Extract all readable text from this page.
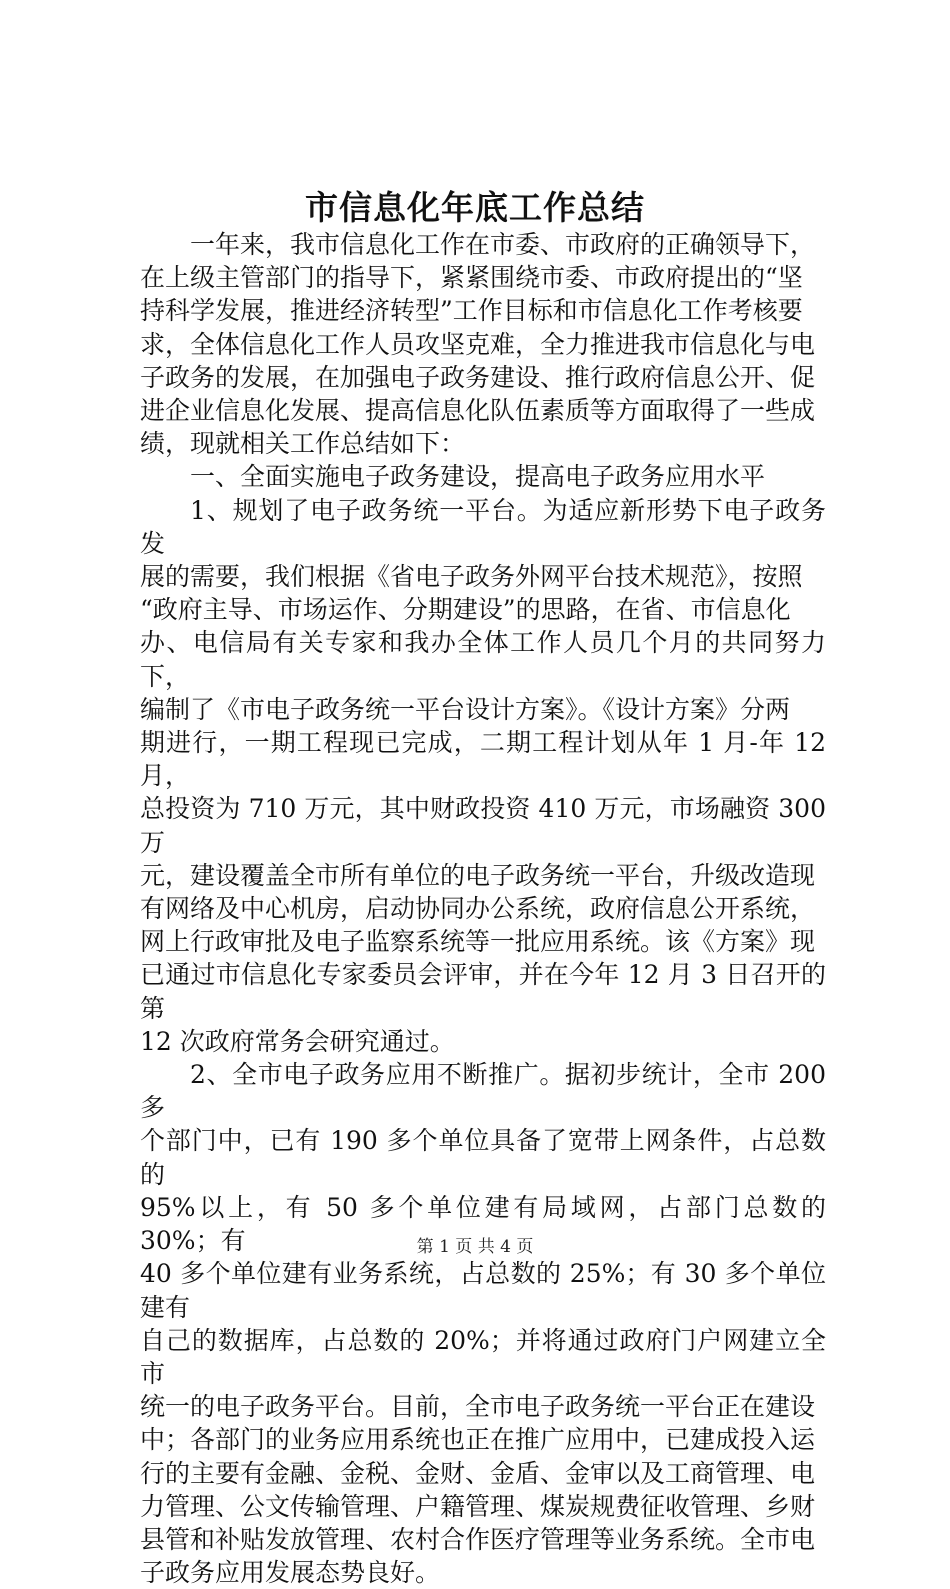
市信息化年底工作总结

一年来，我市信息化工作在市委、市政府的正确领导下，
在上级主管部门的指导下，紧紧围绕市委、市政府提出的“坚
持科学发展，推进经济转型”工作目标和市信息化工作考核要
求，全体信息化工作人员攻坚克难，全力推进我市信息化与电
子政务的发展，在加强电子政务建设、推行政府信息公开、促
进企业信息化发展、提高信息化队伍素质等方面取得了一些成
绩，现就相关工作总结如下：

一、全面实施电子政务建设，提高电子政务应用水平

1、规划了电子政务统一平台。为适应新形势下电子政务发
展的需要，我们根据《省电子政务外网平台技术规范》，按照
“政府主导、市场运作、分期建设”的思路，在省、市信息化
办、电信局有关专家和我办全体工作人员几个月的共同努力下，
编制了《市电子政务统一平台设计方案》。《设计方案》分两
期进行，一期工程现已完成，二期工程计划从年 1 月-年 12 月，
总投资为 710 万元，其中财政投资 410 万元，市场融资 300 万
元，建设覆盖全市所有单位的电子政务统一平台，升级改造现
有网络及中心机房，启动协同办公系统，政府信息公开系统，
网上行政审批及电子监察系统等一批应用系统。该《方案》现
已通过市信息化专家委员会评审，并在今年 12 月 3 日召开的第
12 次政府常务会研究通过。

2、全市电子政务应用不断推广。据初步统计，全市 200 多
个部门中，已有 190 多个单位具备了宽带上网条件，占总数的
95%以上，有 50 多个单位建有局域网，占部门总数的 30%；有
40 多个单位建有业务系统，占总数的 25%；有 30 多个单位建有
自己的数据库，占总数的 20%；并将通过政府门户网建立全市
统一的电子政务平台。目前，全市电子政务统一平台正在建设
中；各部门的业务应用系统也正在推广应用中，已建成投入运
行的主要有金融、金税、金财、金盾、金审以及工商管理、电
力管理、公文传输管理、户籍管理、煤炭规费征收管理、乡财
县管和补贴发放管理、农村合作医疗管理等业务系统。全市电
子政务应用发展态势良好。

第 1 页 共 4 页
